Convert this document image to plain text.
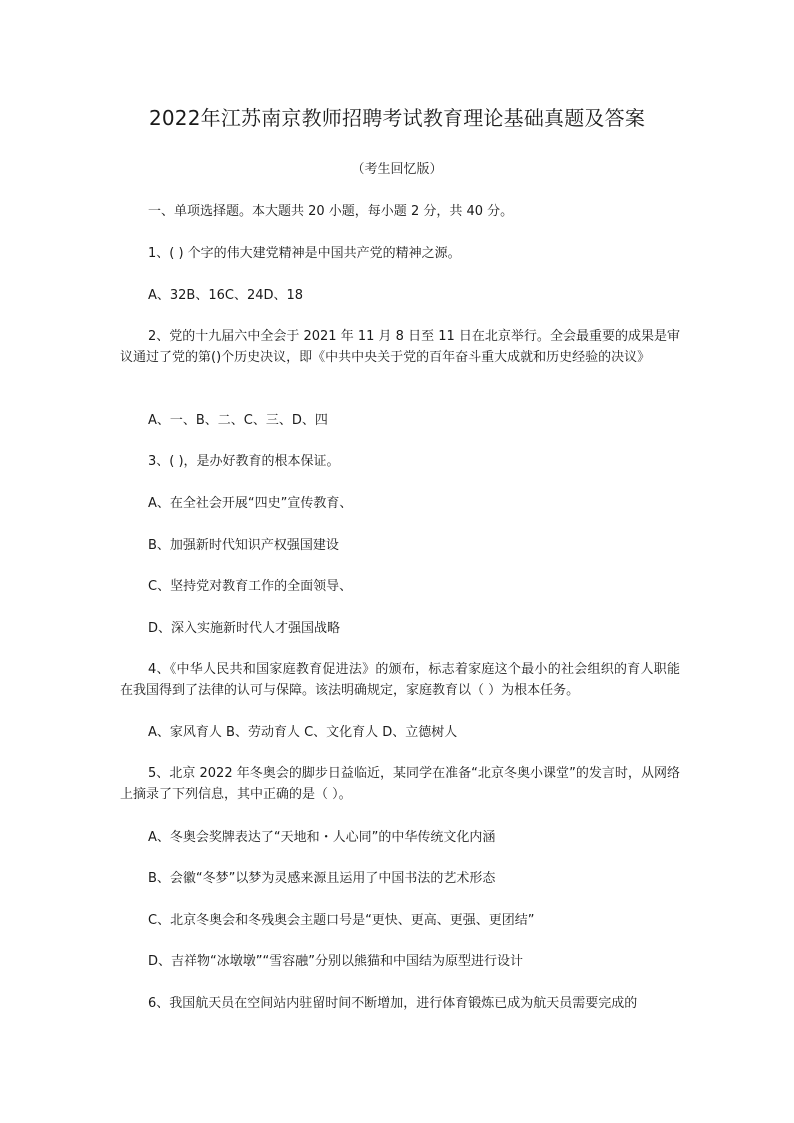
2022年江苏南京教师招聘考试教育理论基础真题及答案
（考生回忆版）
一、单项选择题。本大题共 20 小题，每小题 2 分，共 40 分。
1、( ) 个字的伟大建党精神是中国共产党的精神之源。
A、32B、16C、24D、18
2、党的十九届六中全会于 2021 年 11 月 8 日至 11 日在北京举行。全会最重要的成果是审议通过了党的第()个历史决议，即《中共中央关于党的百年奋斗重大成就和历史经验的决议》
A、一、B、二、C、三、D、四
3、( )，是办好教育的根本保证。
A、在全社会开展“四史”宣传教育、
B、加强新时代知识产权强国建设
C、坚持党对教育工作的全面领导、
D、深入实施新时代人才强国战略
4、《中华人民共和国家庭教育促进法》的颁布，标志着家庭这个最小的社会组织的育人职能在我国得到了法律的认可与保障。该法明确规定，家庭教育以（ ）为根本任务。
A、家风育人 B、劳动育人 C、文化育人 D、立德树人
5、北京 2022 年冬奥会的脚步日益临近，某同学在准备“北京冬奥小课堂”的发言时，从网络上摘录了下列信息，其中正确的是（ ）。
A、冬奥会奖牌表达了“天地和・人心同”的中华传统文化内涵
B、会徽“冬梦”以梦为灵感来源且运用了中国书法的艺术形态
C、北京冬奥会和冬残奥会主题口号是“更快、更高、更强、更团结”
D、吉祥物“冰墩墩”“雪容融”分别以熊猫和中国结为原型进行设计
6、我国航天员在空间站内驻留时间不断增加，进行体育锻炼已成为航天员需要完成的
